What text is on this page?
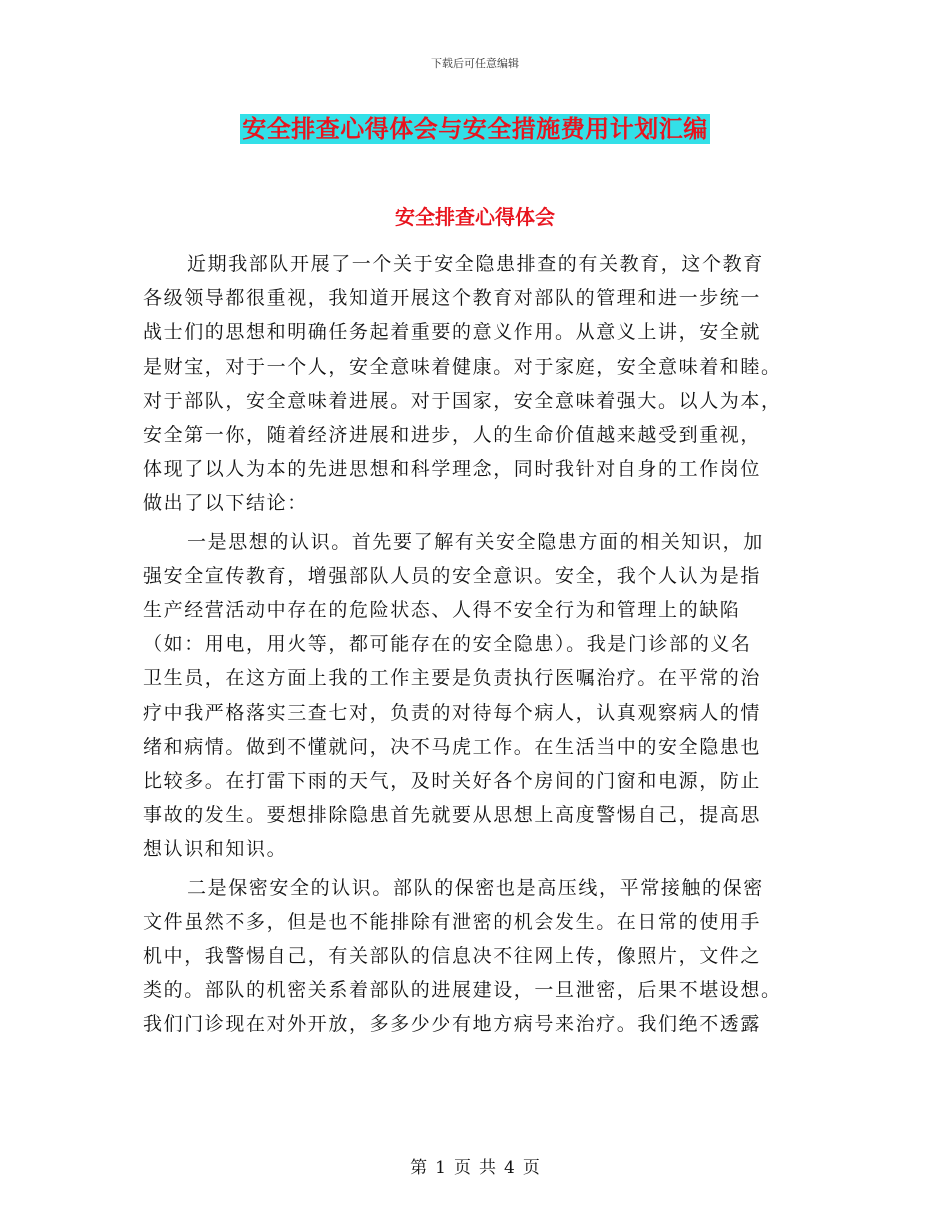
下载后可任意编辑
安全排查心得体会与安全措施费用计划汇编
安全排查心得体会

近期我部队开展了一个关于安全隐患排查的有关教育，这个教育
各级领导都很重视，我知道开展这个教育对部队的管理和进一步统一
战士们的思想和明确任务起着重要的意义作用。从意义上讲，安全就
是财宝，对于一个人，安全意味着健康。对于家庭，安全意味着和睦。
对于部队，安全意味着进展。对于国家，安全意味着强大。以人为本，
安全第一你，随着经济进展和进步，人的生命价值越来越受到重视，
体现了以人为本的先进思想和科学理念，同时我针对自身的工作岗位
做出了以下结论：

一是思想的认识。首先要了解有关安全隐患方面的相关知识，加
强安全宣传教育，增强部队人员的安全意识。安全，我个人认为是指
生产经营活动中存在的危险状态、人得不安全行为和管理上的缺陷
（如：用电，用火等，都可能存在的安全隐患）。我是门诊部的义名
卫生员，在这方面上我的工作主要是负责执行医嘱治疗。在平常的治
疗中我严格落实三查七对，负责的对待每个病人，认真观察病人的情
绪和病情。做到不懂就问，决不马虎工作。在生活当中的安全隐患也
比较多。在打雷下雨的天气，及时关好各个房间的门窗和电源，防止
事故的发生。要想排除隐患首先就要从思想上高度警惕自己，提高思
想认识和知识。

二是保密安全的认识。部队的保密也是高压线，平常接触的保密
文件虽然不多，但是也不能排除有泄密的机会发生。在日常的使用手
机中，我警惕自己，有关部队的信息决不往网上传，像照片，文件之
类的。部队的机密关系着部队的进展建设，一旦泄密，后果不堪设想。
我们门诊现在对外开放，多多少少有地方病号来治疗。我们绝不透露

第 1 页 共 4 页
